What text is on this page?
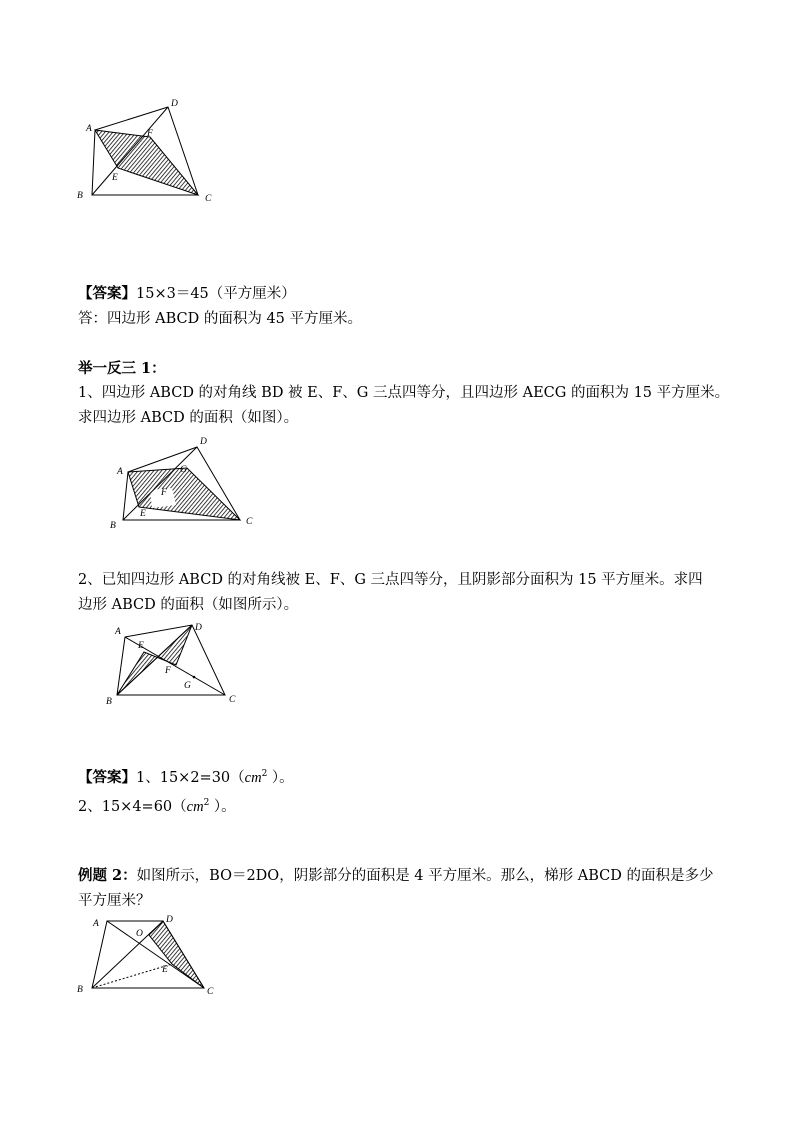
A
D
F
E
B	C
【答案】15×3＝45（平方厘米）
答：四边形 ABCD 的面积为 45 平方厘米。
举一反三 1：
1、四边形 ABCD 的对角线 BD 被 E、F、G 三点四等分，且四边形 AECG 的面积为 15 平方厘米。
求四边形 ABCD 的面积（如图）。
A
D
G
F
E
B	C
2、已知四边形 ABCD 的对角线被 E、F、G 三点四等分，且阴影部分面积为 15 平方厘米。求四
边形 ABCD 的面积（如图所示）。
A	D
E
F
G
B	C
【答案】1、$15\times 2=30(cm^2$ ）。
2、$15\times 4=60(cm^2$ ）。
例题 2：如图所示，BO＝2DO，阴影部分的面积是 4 平方厘米。那么，梯形 ABCD 的面积是多少
平方厘米？
A	D
O
E
B	C
